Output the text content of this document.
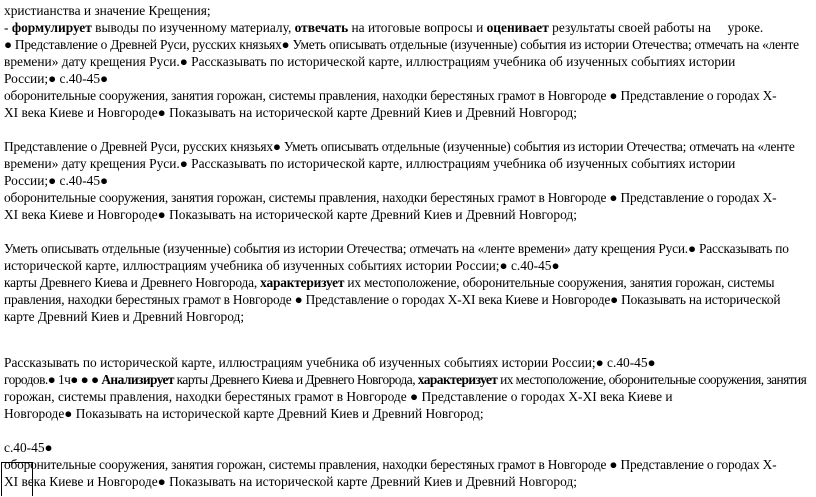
христианства и значение Крещения;

- формулирует выводы по изученному материалу, отвечать на итоговые вопросы и оценивает результаты своей работы на     уроке.

● Представление о Древней Руси, русских князьях● Уметь описывать отдельные (изученные) события из истории Отечества; отмечать на «ленте

времени» дату крещения Руси.● Рассказывать по исторической карте, иллюстрациям учебника об изученных событиях истории

России;● с.40-45●

оборонительные сооружения, занятия горожан, системы правления, находки берестяных грамот в Новгороде ● Представление о городах X-

XI века Киеве и Новгороде● Показывать на исторической карте Древний Киев и Древний Новгород;

Представление о Древней Руси, русских князьях● Уметь описывать отдельные (изученные) события из истории Отечества; отмечать на «ленте

времени» дату крещения Руси.● Рассказывать по исторической карте, иллюстрациям учебника об изученных событиях истории

России;● с.40-45●

оборонительные сооружения, занятия горожан, системы правления, находки берестяных грамот в Новгороде ● Представление о городах X-

XI века Киеве и Новгороде● Показывать на исторической карте Древний Киев и Древний Новгород;

Уметь описывать отдельные (изученные) события из истории Отечества; отмечать на «ленте времени» дату крещения Руси.● Рассказывать по

исторической карте, иллюстрациям учебника об изученных событиях истории России;● с.40-45●

карты Древнего Киева и Древнего Новгорода, характеризует их местоположение, оборонительные сооружения, занятия горожан, системы

правления, находки берестяных грамот в Новгороде ● Представление о городах X-XI века Киеве и Новгороде● Показывать на исторической

карте Древний Киев и Древний Новгород;

Рассказывать по исторической карте, иллюстрациям учебника об изученных событиях истории России;● с.40-45●

городов.● 1ч● ● ● Анализирует карты Древнего Киева и Древнего Новгорода, характеризует их местоположение, оборонительные сооружения, занятия

горожан, системы правления, находки берестяных грамот в Новгороде ● Представление о городах X-XI века Киеве и

Новгороде● Показывать на исторической карте Древний Киев и Древний Новгород;

с.40-45●

оборонительные сооружения, занятия горожан, системы правления, находки берестяных грамот в Новгороде ● Представление о городах X-

XI века Киеве и Новгороде● Показывать на исторической карте Древний Киев и Древний Новгород;
